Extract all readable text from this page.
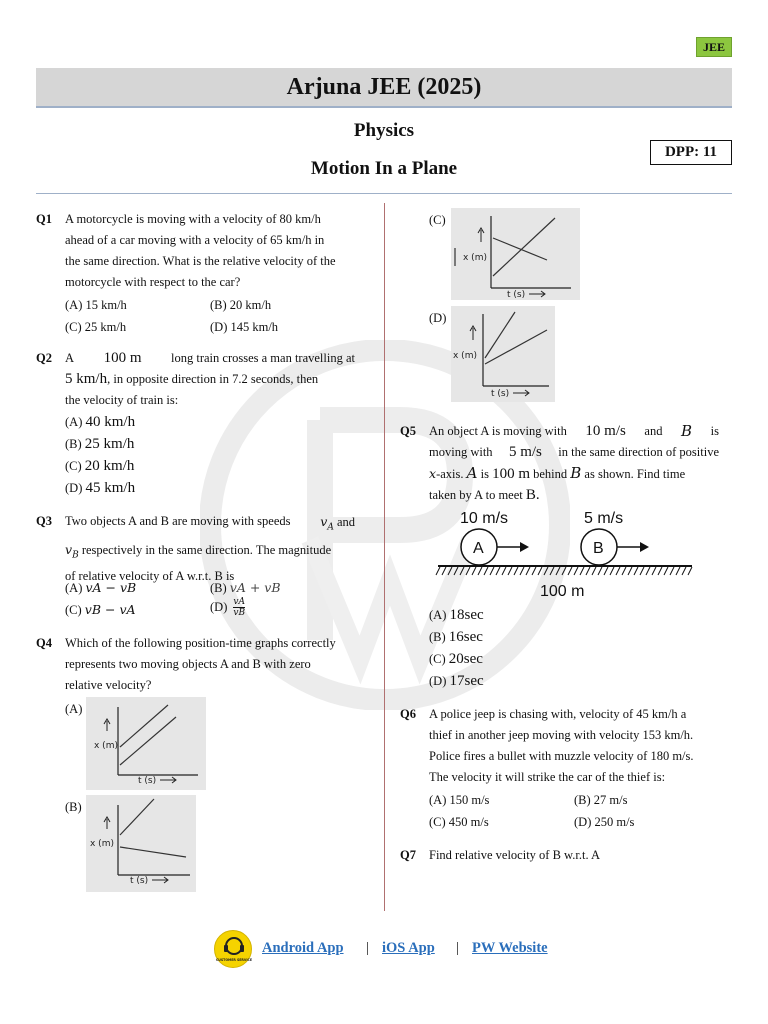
JEE
Arjuna JEE (2025)
Physics
Motion In a Plane
DPP: 11
Q1 A motorcycle is moving with a velocity of 80 km/h
ahead of a car moving with a velocity of 65 km/h in
the same direction. What is the relative velocity of the
motorcycle with respect to the car?
(A) 15 km/h	(B) 20 km/h
(C) 25 km/h	(D) 145 km/h
Q2 A 100 m long train crosses a man travelling at
5 km/h, in opposite direction in 7.2 seconds, then
the velocity of train is:
(A) 40 km/h
(B) 25 km/h
(C) 20 km/h
(D) 45 km/h
Q3 Two objects A and B are moving with speeds $v_A$ and
$v_B$ respectively in the same direction. The magnitude
of relative velocity of A w.r.t. B is
(A) vA − vB	(B) vA + vB
(C) vB − vA	(D) vA
vB
Q4 Which of the following position-time graphs correctly
represents two moving objects A and B with zero
relative velocity?
(A)
x (m)
t (s)
(B)
x (m)
t (s)
(C)
x (m)
t (s)
(D)
x (m)
t (s)
Q5 An object A is moving with 10 m/s and B is
moving with 5 m/s in the same direction of positive
x-axis. A is 100 m behind B as shown. Find time
taken by A to meet B.
10 m/s	5 m/s
A	B
100 m
(A) 18sec
(B) 16sec
(C) 20sec
(D) 17sec
Q6 A police jeep is chasing with, velocity of 45 km/h a
thief in another jeep moving with velocity 153 km/h.
Police fires a bullet with muzzle velocity of 180 m/s.
The velocity it will strike the car of the thief is:
(A) 150 m/s	(B) 27 m/s
(C) 450 m/s	(D) 250 m/s
Q7 Find relative velocity of B w.r.t. A
CUSTOMER SERVICE
Android App | iOS App | PW Website
